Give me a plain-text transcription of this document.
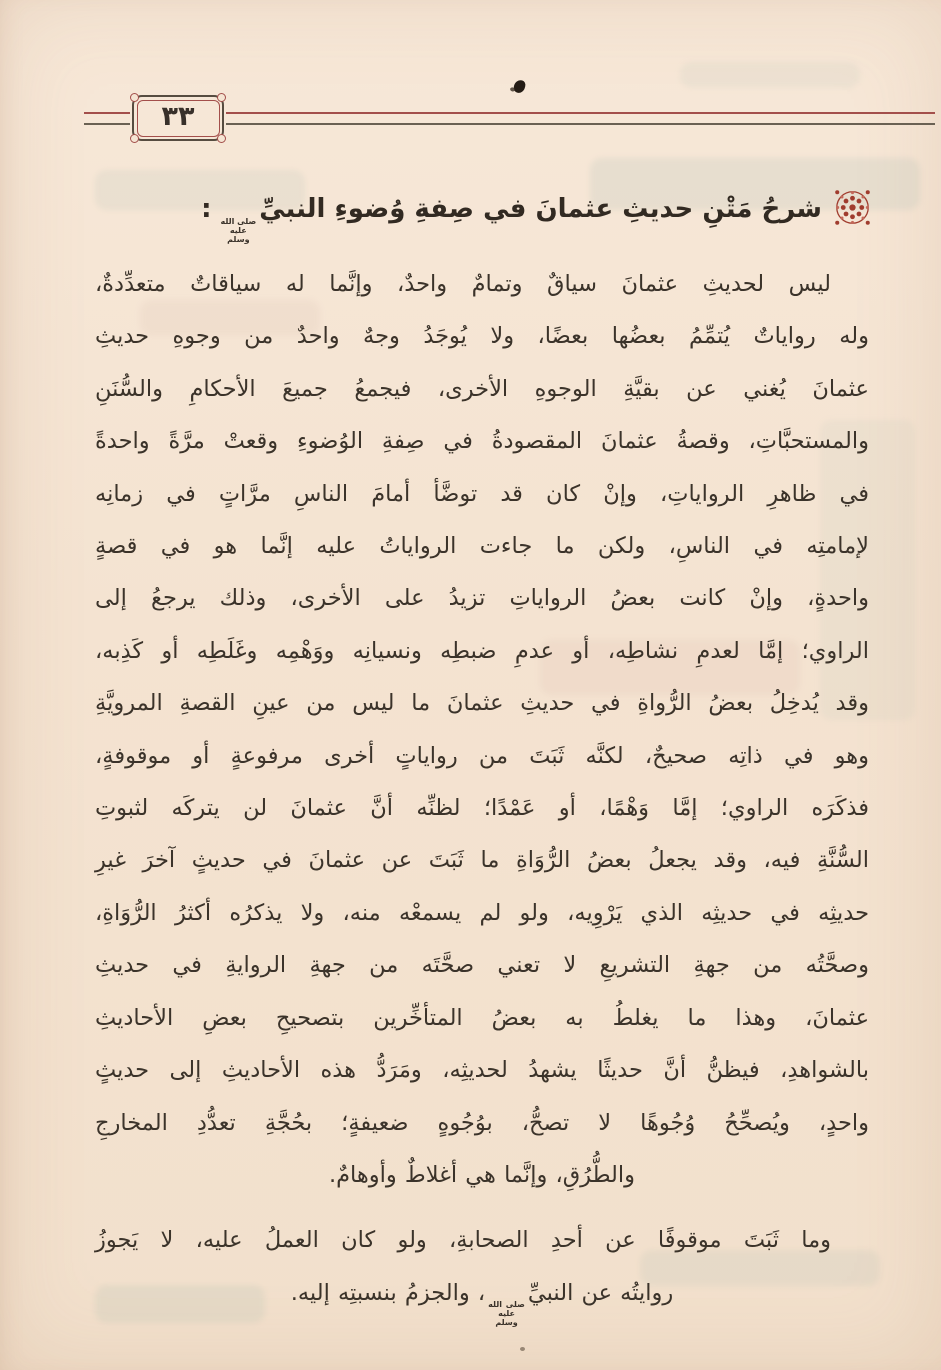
٣٣
شرحُ مَتْنِ حديثِ عثمانَ في صِفةِ وُضوءِ النبيِّ
صلى الله
عليه
وسلم
:
ليس لحديثِ عثمانَ سياقٌ وتمامٌ واحدٌ، وإنَّما له سياقاتٌ متعدِّدةٌ،
وله رواياتٌ يُتمِّمُ بعضُها بعضًا، ولا يُوجَدُ وجهٌ واحدٌ من وجوهِ حديثِ
عثمانَ يُغني عن بقيَّةِ الوجوهِ الأخرى، فيجمعُ جميعَ الأحكامِ والسُّنَنِ
والمستحبَّاتِ، وقصةُ عثمانَ المقصودةُ في صِفةِ الوُضوءِ وقعتْ مرَّةً واحدةً
في ظاهرِ الرواياتِ، وإنْ كان قد توضَّأ أمامَ الناسِ مرَّاتٍ في زمانِه
لإمامتِه في الناسِ، ولكن ما جاءت الرواياتُ عليه إنَّما هو في قصةٍ
واحدةٍ، وإنْ كانت بعضُ الرواياتِ تزيدُ على الأخرى، وذلك يرجعُ إلى
الراوي؛ إمَّا لعدمِ نشاطِه، أو عدمِ ضبطِه ونسيانِه ووَهْمِه وغَلَطِه أو كَذِبه،
وقد يُدخِلُ بعضُ الرُّواةِ في حديثِ عثمانَ ما ليس من عينِ القصةِ المرويَّةِ
وهو في ذاتِه صحيحٌ، لكنَّه ثَبَتَ من رواياتٍ أخرى مرفوعةٍ أو موقوفةٍ،
فذكَرَه الراوي؛ إمَّا وَهْمًا، أو عَمْدًا؛ لظنِّه أنَّ عثمانَ لن يتركَه لثبوتِ
السُّنَّةِ فيه، وقد يجعلُ بعضُ الرُّوَاةِ ما ثَبَتَ عن عثمانَ في حديثٍ آخرَ غيرِ
حديثِه في حديثِه الذي يَرْوِيه، ولو لم يسمعْه منه، ولا يذكرُه أكثرُ الرُّوَاةِ،
وصحَّتُه من جهةِ التشريعِ لا تعني صحَّتَه من جهةِ الروايةِ في حديثِ
عثمانَ، وهذا ما يغلطُ به بعضُ المتأخِّرين بتصحيحِ بعضِ الأحاديثِ
بالشواهدِ، فيظنُّ أنَّ حديثًا يشهدُ لحديثِه، ومَرَدُّ هذه الأحاديثِ إلى حديثٍ
واحدٍ، ويُصحِّحُ وُجُوهًا لا تصحُّ، بوُجُوهٍ ضعيفةٍ؛ بحُجَّةِ تعدُّدِ المخارجِ
والطُّرُقِ، وإنَّما هي أغلاطٌ وأوهامٌ.
وما ثَبَتَ موقوفًا عن أحدِ الصحابةِ، ولو كان العملُ عليه، لا يَجوزُ
روايتُه عن النبيِّ
صلى الله
عليه
وسلم
، والجزمُ بنسبتِه إليه.
